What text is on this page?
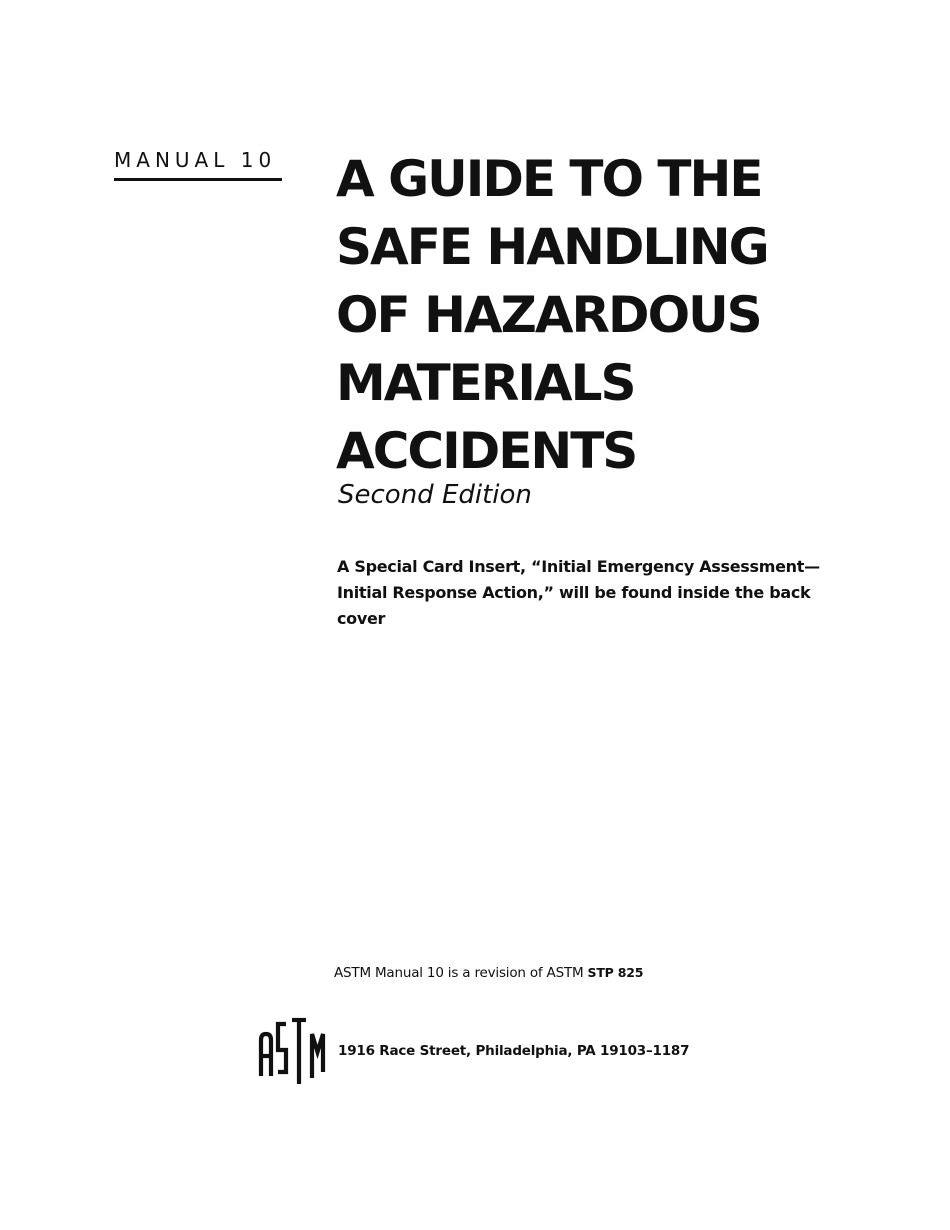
MANUAL 10 A GUIDE TO THE
SAFE HANDLING
OF HAZARDOUS
MATERIALS
ACCIDENTS
Second Edition

A Special Card Insert, “Initial Emergency Assessment—Initial Response Action,” will be found inside the back cover

ASTM Manual 10 is a revision of ASTM STP 825
1916 Race Street, Philadelphia, PA 19103–1187
